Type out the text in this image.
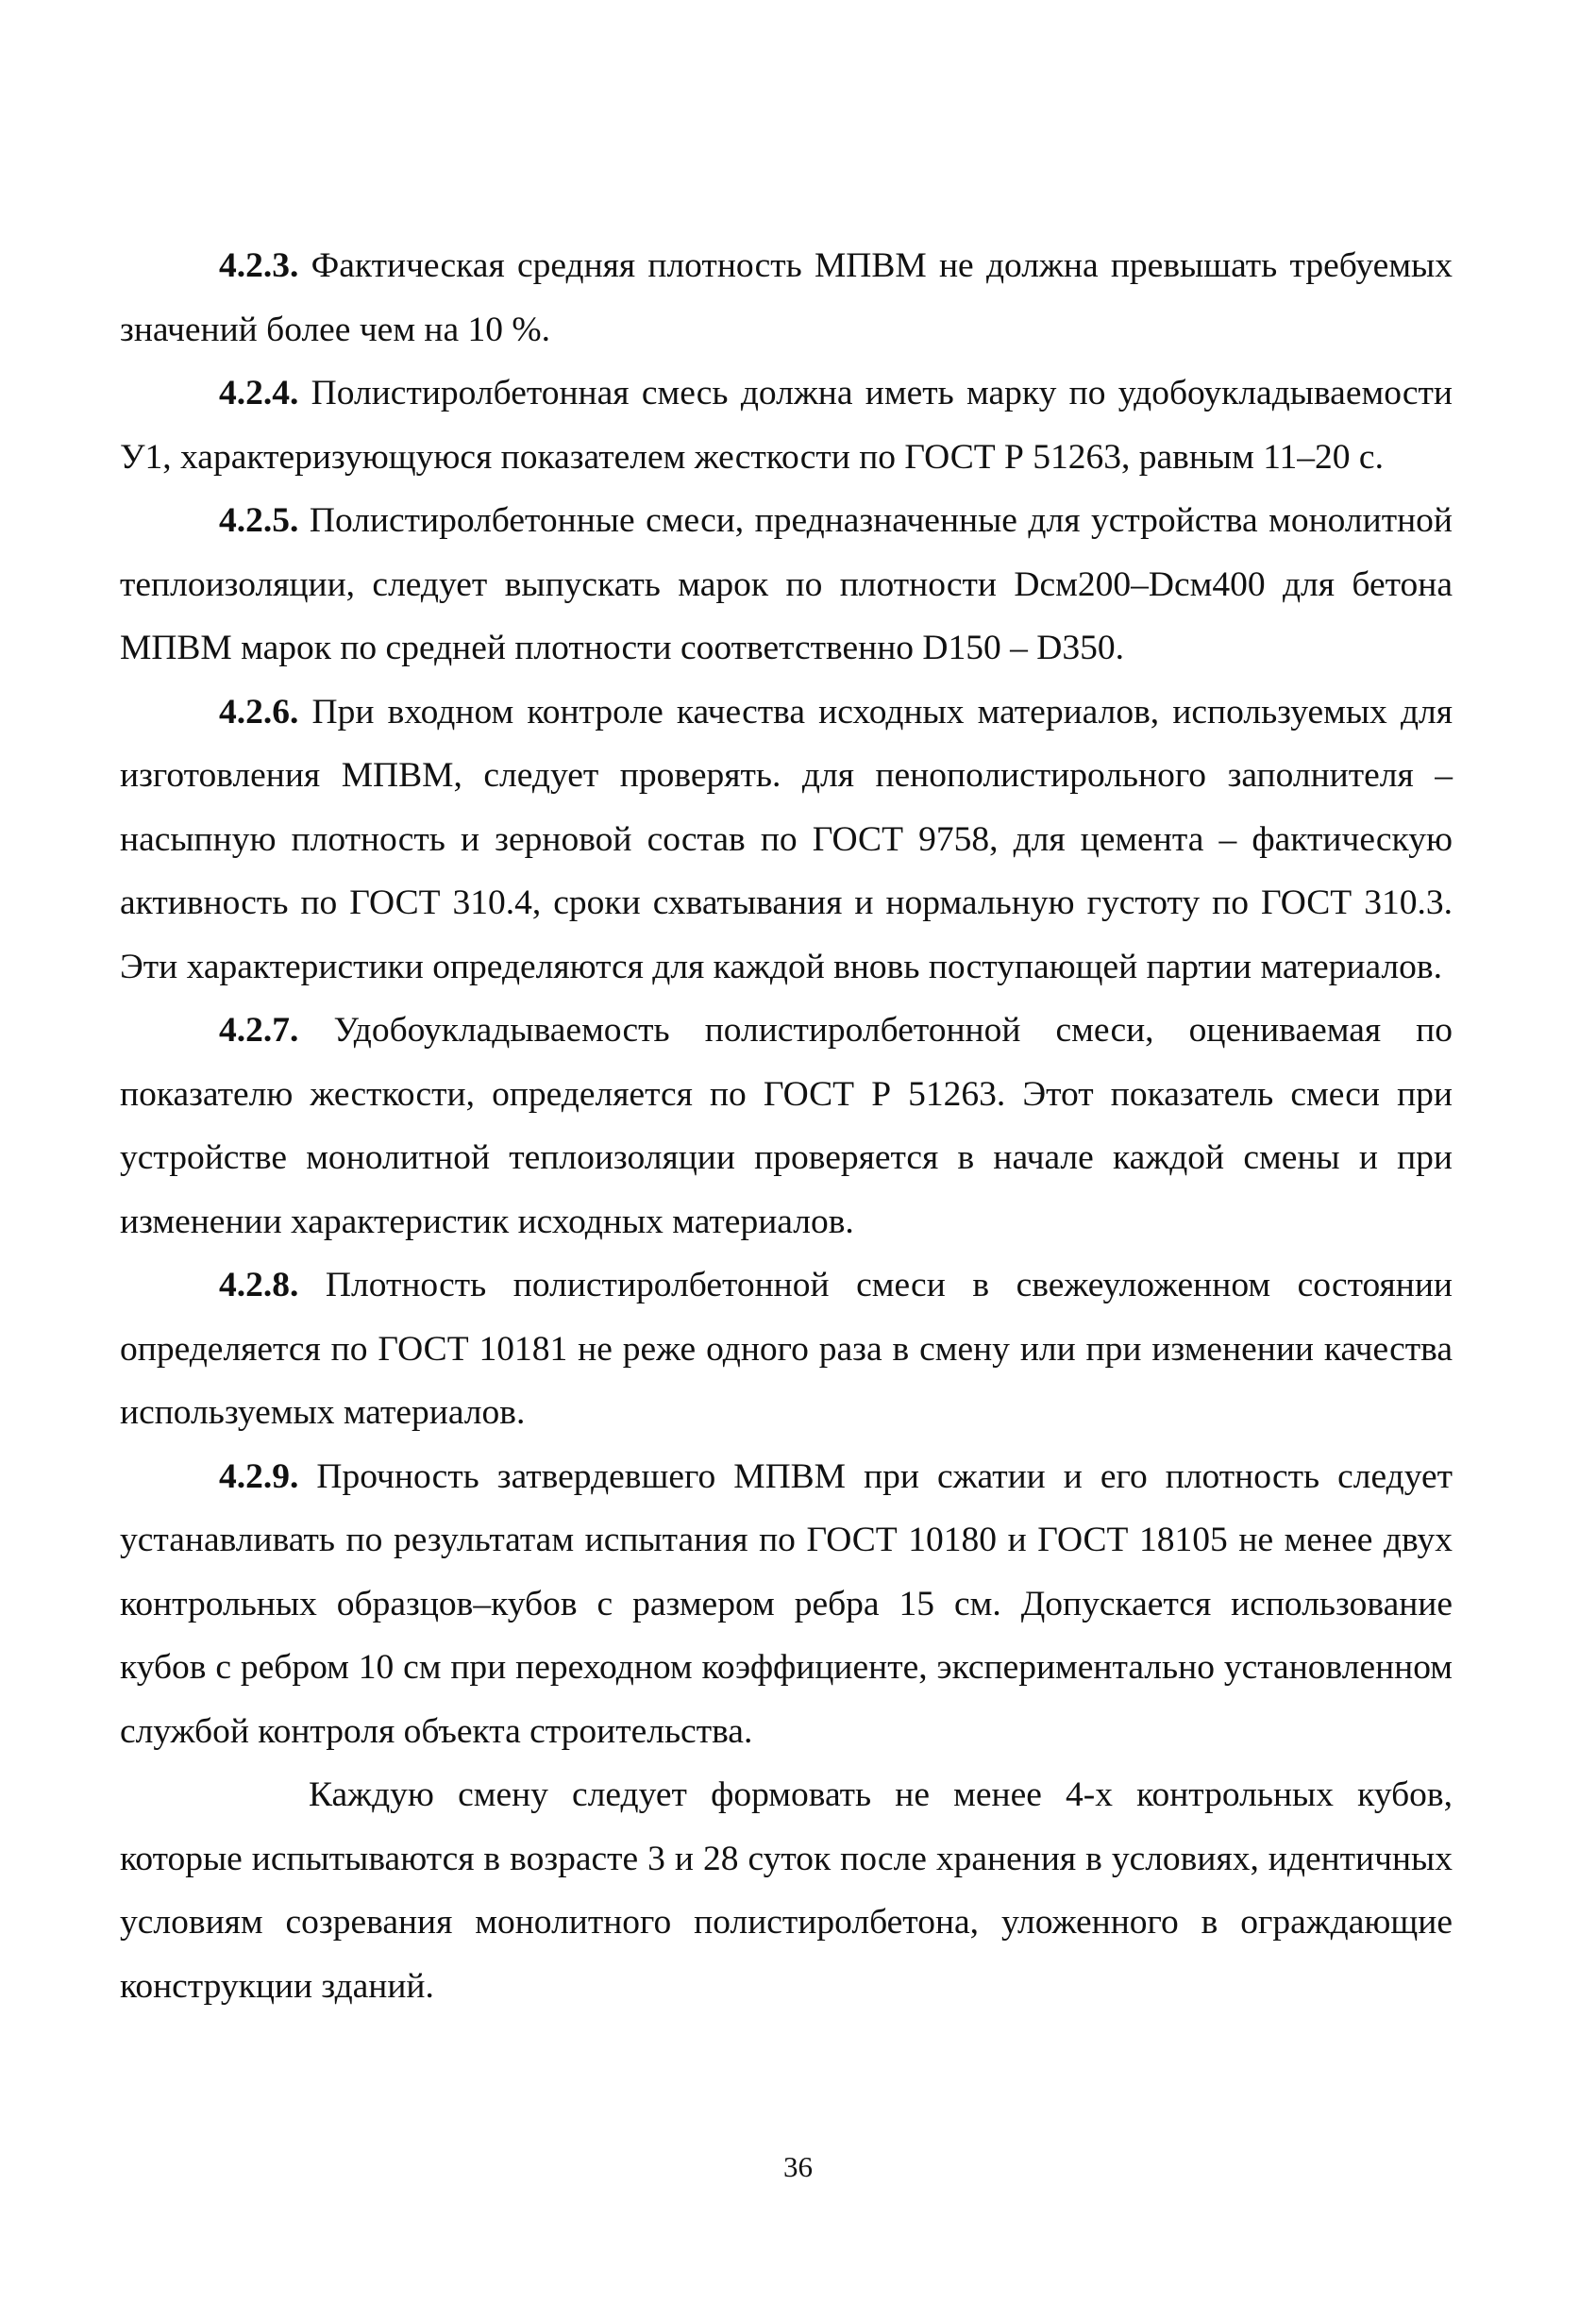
4.2.3. Фактическая средняя плотность МПВМ не должна превышать требуемых значений более чем на 10 %.

4.2.4. Полистиролбетонная смесь должна иметь марку по удобоукладываемости У1, характеризующуюся показателем жесткости по ГОСТ Р 51263, равным 11–20 с.

4.2.5. Полистиролбетонные смеси, предназначенные для устройства монолитной теплоизоляции, следует выпускать марок по плотности Dсм200–Dсм400 для бетона МПВМ марок по средней плотности соответственно D150 – D350.

4.2.6. При входном контроле качества исходных материалов, используемых для изготовления МПВМ, следует проверять. для пенополистирольного заполнителя – насыпную плотность и зерновой состав по ГОСТ 9758, для цемента – фактическую активность по ГОСТ 310.4, сроки схватывания и нормальную густоту по ГОСТ 310.3. Эти характеристики определяются для каждой вновь поступающей партии материалов.

4.2.7. Удобоукладываемость полистиролбетонной смеси, оцениваемая по показателю жесткости, определяется по ГОСТ Р 51263. Этот показатель смеси при устройстве монолитной теплоизоляции проверяется в начале каждой смены и при изменении характеристик исходных материалов.

4.2.8. Плотность полистиролбетонной смеси в свежеуложенном состоянии определяется по ГОСТ 10181 не реже одного раза в смену или при изменении качества используемых материалов.

4.2.9. Прочность затвердевшего МПВМ при сжатии и его плотность следует устанавливать по результатам испытания по ГОСТ 10180 и ГОСТ 18105 не менее двух контрольных образцов–кубов с размером ребра 15 см. Допускается использование кубов с ребром 10 см при переходном коэффициенте, экспериментально установленном службой контроля объекта строительства.

Каждую смену следует формовать не менее 4-х контрольных кубов, которые испытываются в возрасте 3 и 28 суток после хранения в условиях, идентичных условиям созревания монолитного полистиролбетона, уложенного в ограждающие конструкции зданий.

36
